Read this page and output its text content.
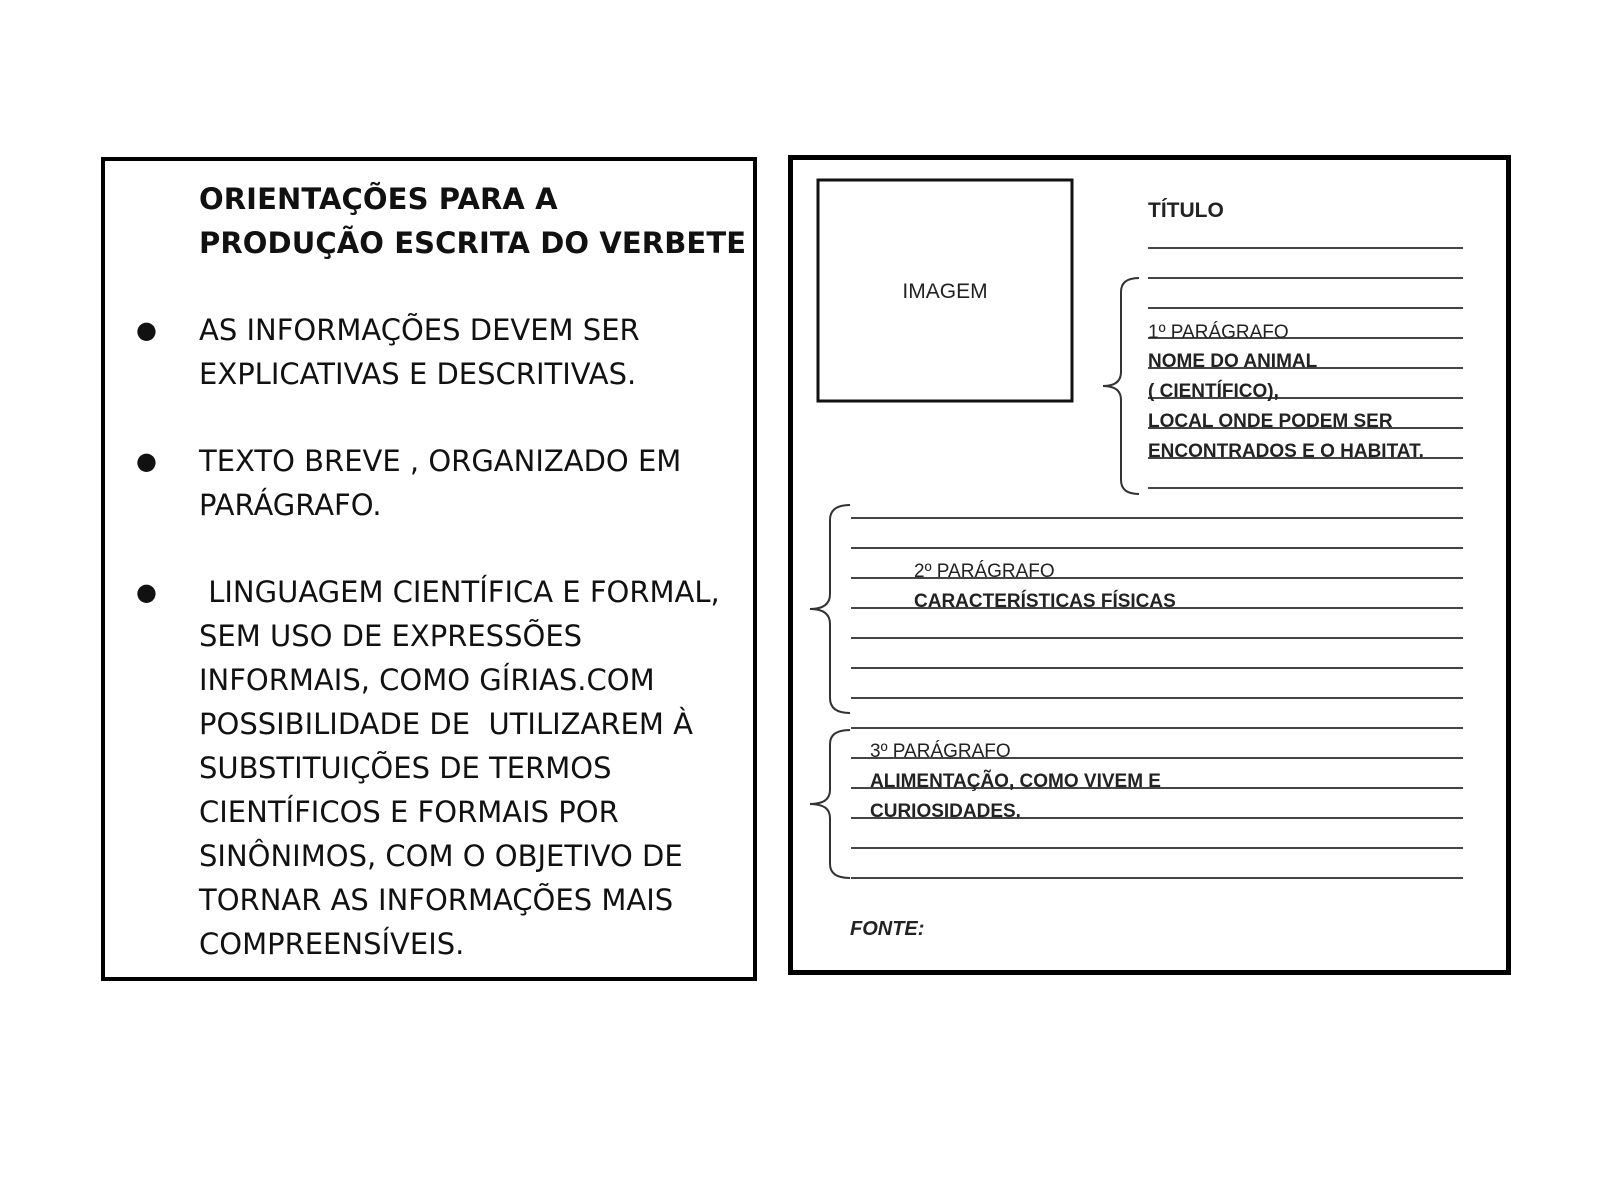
ORIENTAÇÕES PARA A PRODUÇÃO ESCRITA DO VERBETE

● AS INFORMAÇÕES DEVEM SER EXPLICATIVAS E DESCRITIVAS.

● TEXTO BREVE , ORGANIZADO EM PARÁGRAFO.

● LINGUAGEM CIENTÍFICA E FORMAL, SEM USO DE EXPRESSÕES INFORMAIS, COMO GÍRIAS.COM POSSIBILIDADE DE  UTILIZAREM À SUBSTITUIÇÕES DE TERMOS CIENTÍFICOS E FORMAIS POR SINÔNIMOS, COM O OBJETIVO DE TORNAR AS INFORMAÇÕES MAIS COMPREENSÍVEIS.

IMAGEM
TÍTULO
1º PARÁGRAFO
NOME DO ANIMAL
( CIENTÍFICO),
LOCAL ONDE PODEM SER
ENCONTRADOS E O HABITAT.
2º PARÁGRAFO
CARACTERÍSTICAS FÍSICAS
3º PARÁGRAFO
ALIMENTAÇÃO, COMO VIVEM E
CURIOSIDADES.
FONTE:
